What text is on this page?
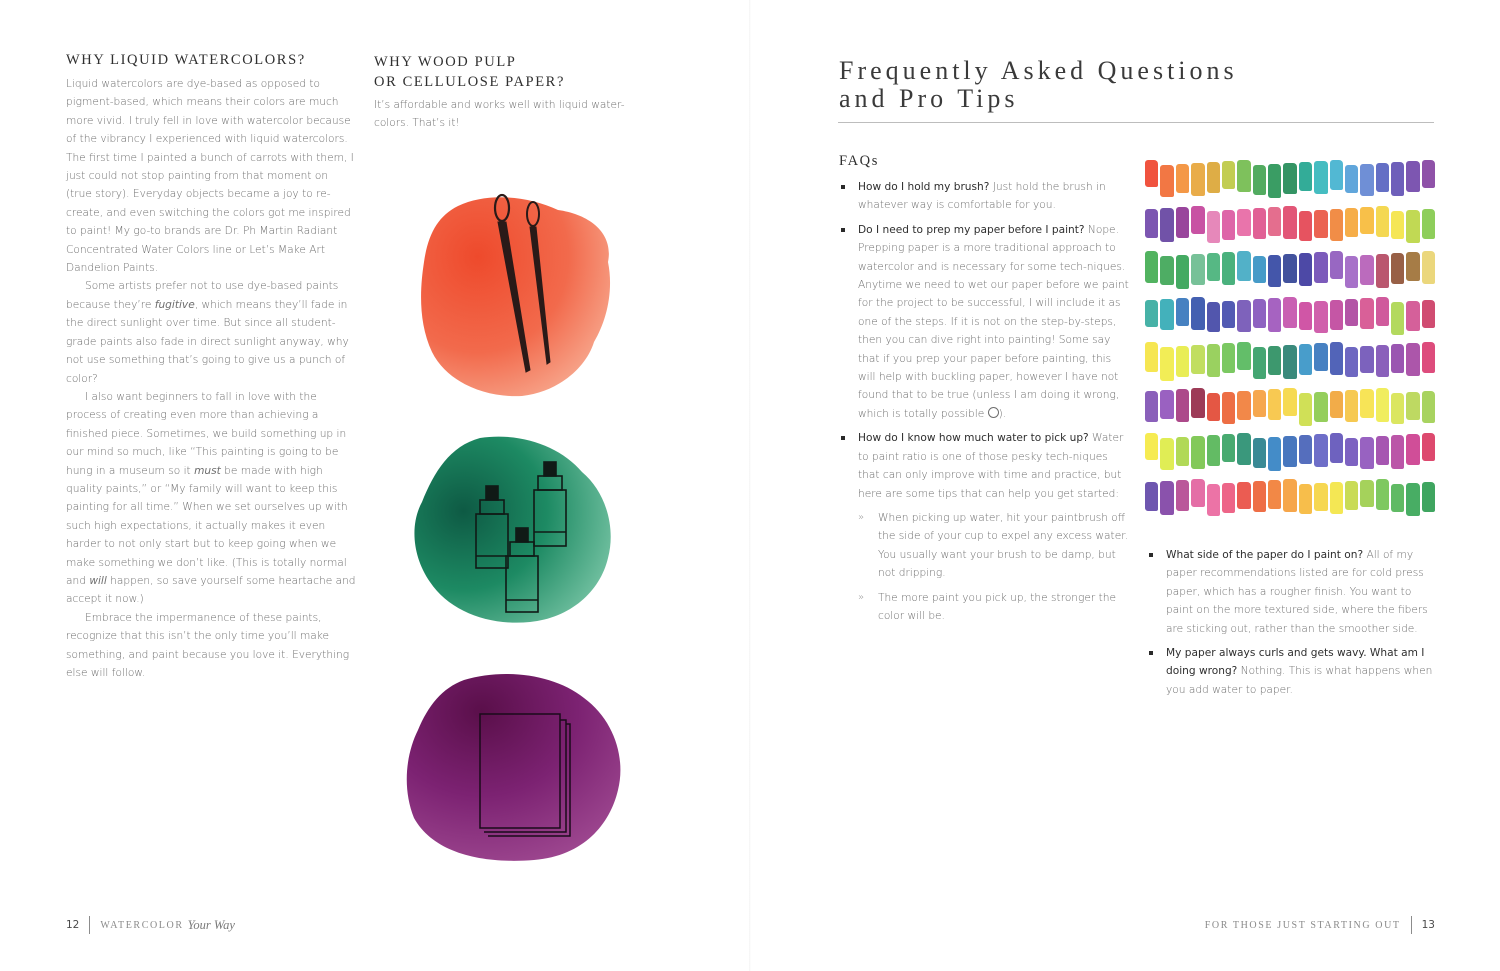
WHY LIQUID WATERCOLORS?

Liquid watercolors are dye-based as opposed to pigment-based, which means their colors are much more vivid. I truly fell in love with watercolor because of the vibrancy I experienced with liquid watercolors. The first time I painted a bunch of carrots with them, I just could not stop painting from that moment on (true story). Everyday objects became a joy to re-create, and even switching the colors got me inspired to paint! My go-to brands are Dr. Ph Martin Radiant Concentrated Water Colors line or Let’s Make Art Dandelion Paints.

Some artists prefer not to use dye-based paints because they’re fugitive, which means they’ll fade in the direct sunlight over time. But since all student-grade paints also fade in direct sunlight anyway, why not use something that’s going to give us a punch of color?

I also want beginners to fall in love with the process of creating even more than achieving a finished piece. Sometimes, we build something up in our mind so much, like “This painting is going to be hung in a museum so it must be made with high quality paints,” or “My family will want to keep this painting for all time.” When we set ourselves up with such high expectations, it actually makes it even harder to not only start but to keep going when we make something we don’t like. (This is totally normal and will happen, so save yourself some heartache and accept it now.)

Embrace the impermanence of these paints, recognize that this isn’t the only time you’ll make something, and paint because you love it. Everything else will follow.

WHY WOOD PULP
OR CELLULOSE PAPER?

It’s affordable and works well with liquid water-colors. That’s it!

12 WATERCOLOR Your Way
Frequently Asked Questions
and Pro Tips
FAQs
How do I hold my brush? Just hold the brush in whatever way is comfortable for you.
Do I need to prep my paper before I paint? Nope. Prepping paper is a more traditional approach to watercolor and is necessary for some tech-niques. Anytime we need to wet our paper before we paint for the project to be successful, I will include it as one of the steps. If it is not on the step-by-steps, then you can dive right into painting! Some say that if you prep your paper before painting, this will help with buckling paper, however I have not found that to be true (unless I am doing it wrong, which is totally possible ).
How do I know how much water to pick up? Water to paint ratio is one of those pesky tech-niques that can only improve with time and practice, but here are some tips that can help you get started:
» When picking up water, hit your paintbrush off the side of your cup to expel any excess water. You usually want your brush to be damp, but not dripping.
» The more paint you pick up, the stronger the color will be.
What side of the paper do I paint on? All of my paper recommendations listed are for cold press paper, which has a rougher finish. You want to paint on the more textured side, where the fibers are sticking out, rather than the smoother side.
My paper always curls and gets wavy. What am I doing wrong? Nothing. This is what happens when you add water to paper.
FOR THOSE JUST STARTING OUT 13
